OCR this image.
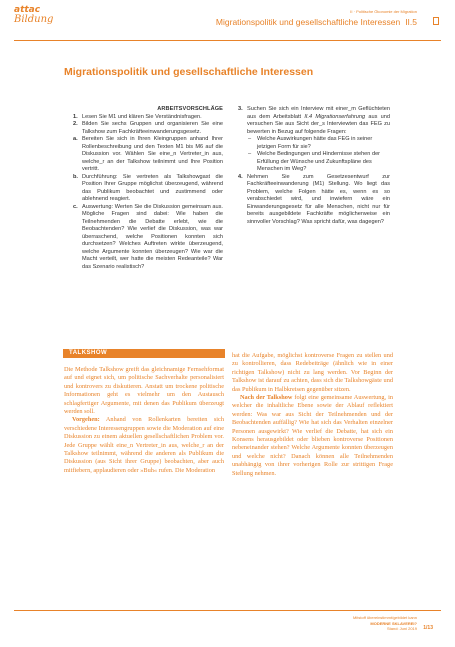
attac
Bildung
II · Politische Ökonomie der Migration
Migrationspolitik und gesellschaftliche Interessen II.5
Migrationspolitik und gesellschaftliche Interessen
ARBEITSVORSCHLÄGE
1. Lesen Sie M1 und klären Sie Verständnisfragen.
2. Bilden Sie sechs Gruppen und organisieren Sie eine Talkshow zum Fachkräfteeinwanderungsgesetz.
a. Bereiten Sie sich in Ihren Kleingruppen anhand Ihrer Rollenbeschreibung und den Texten M1 bis M6 auf die Diskussion vor. Wählen Sie eine_n Vertreter_in aus, welche_r an der Talkshow teilnimmt und Ihre Position vertritt.
b. Durchführung: Sie vertreten als Talkshowgast die Position Ihrer Gruppe möglichst überzeugend, während das Publikum beobachtet und zustimmend oder ablehnend reagiert.
c. Auswertung: Werten Sie die Diskussion gemeinsam aus. Mögliche Fragen sind dabei: Wie haben die Teilnehmenden die Debatte erlebt, wie die Beobachtenden? Wie verlief die Diskussion, was war überraschend, welche Positionen konnten sich durchsetzen? Welches Auftreten wirkte überzeugend, welche Argumente konnten überzeugen? Wie war die Macht verteilt, wer hatte die meisten Redeanteile? War das Szenario realistisch?
3. Suchen Sie sich ein Interview mit einer_m Geflüchteten aus dem Arbeitsblatt II.4 Migrationserfahrung aus und versuchen Sie aus Sicht der_s Interviewten das FEG zu bewerten in Bezug auf folgende Fragen:
–	Welche Auswirkungen hätte das FEG in seiner jetzigen Form für sie?
–	Welche Bedingungen und Hindernisse stehen der Erfüllung der Wünsche und Zukunftspläne des Menschen im Weg?
4. Nehmen Sie zum Gesetzesentwurf zur Fachkräfteeinwanderung (M1) Stellung. Wo liegt das Problem, welche Folgen hätte es, wenn es so verabschiedet wird, und inwiefern wäre ein Einwanderungsgesetz für alle Menschen, nicht nur für bereits ausgebildete Fachkräfte möglicherweise ein sinnvoller Vorschlag? Was spricht dafür, was dagegen?
TALKSHOW

Die Methode Talkshow greift das gleichnamige Fernsehformat auf und eignet sich, um politische Sachverhalte personalisiert und kontrovers zu diskutieren. Anstatt um trockene politische Informationen geht es vielmehr um den Austausch schlagfertiger Argumente, mit denen das Publikum überzeugt werden soll.

Vorgehen: Anhand von Rollenkarten bereiten sich verschiedene Interessengruppen sowie die Moderation auf eine Diskussion zu einem aktuellen gesellschaftlichen Problem vor. Jede Gruppe wählt eine_n Vertreter_in aus, welche_r an der Talkshow teilnimmt, während die anderen als Publikum die Diskussion (aus Sicht ihrer Gruppe) beobachten, aber auch mitfiebern, applaudieren oder »Buh« rufen. Die Moderation

hat die Aufgabe, möglichst kontroverse Fragen zu stellen und zu kontrollieren, dass Redebeiträge (ähnlich wie in einer richtigen Talkshow) nicht zu lang werden. Vor Beginn der Talkshow ist darauf zu achten, dass sich die Talkshowgäste und das Publikum in Halbkreisen gegenüber sitzen.

Nach der Talkshow folgt eine gemeinsame Auswertung, in welcher die inhaltliche Ebene sowie der Ablauf reflektiert werden: Was war aus Sicht der Teilnehmenden und der Beobachtenden auffällig? Wie hat sich das Verhalten einzelner Personen ausgewirkt? Wie verlief die Debatte, hat sich ein Konsens herausgebildet oder blieben kontroverse Positionen nebeneinander stehen? Welche Argumente konnten überzeugen und welche nicht? Danach können alle Teilnehmenden unabhängig von ihrer vorherigen Rolle zur strittigen Frage Stellung nehmen.

Mitstoff übereinstimmt/gebildet kann
MODERNE SKLAVEREI?
Stand: Juni 2019 1/13
